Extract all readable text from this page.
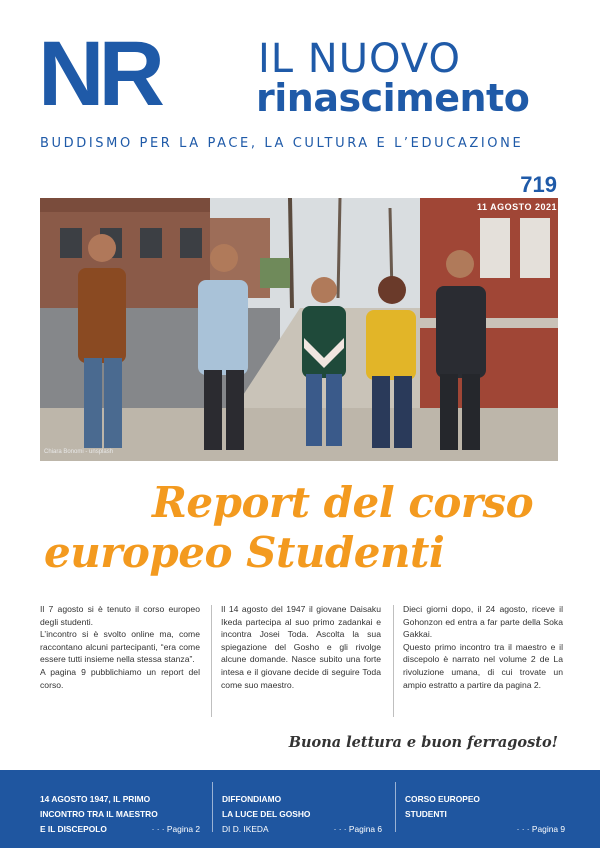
NR IL NUOVO
rinascimento
BUDDISMO PER LA PACE, LA CULTURA E L’EDUCAZIONE
719
11 AGOSTO 2021
Chiara Bonomi - unsplash
Report del corso
europeo Studenti

Il 7 agosto si è tenuto il corso europeo degli studenti.

L’incontro si è svolto online ma, come raccontano alcuni partecipanti, “era come essere tutti insieme nella stessa stanza”.

A pagina 9 pubblichiamo un report del corso.

Il 14 agosto del 1947 il giovane Daisaku Ikeda partecipa al suo primo zadankai e incontra Josei Toda. Ascolta la sua spiegazione del Gosho e gli rivolge alcune domande. Nasce subito una forte intesa e il giovane decide di seguire Toda come suo maestro.

Dieci giorni dopo, il 24 agosto, riceve il Gohonzon ed entra a far parte della Soka Gakkai.

Questo primo incontro tra il maestro e il discepolo è narrato nel volume 2 de La rivoluzione umana, di cui trovate un ampio estratto a partire da pagina 2.

Buona lettura e buon ferragosto!
14 AGOSTO 1947, IL PRIMO
INCONTRO TRA IL MAESTRO
E IL DISCEPOLO	· · · Pagina 2
DIFFONDIAMO
LA LUCE DEL GOSHO
DI D. IKEDA	· · · Pagina 6
CORSO EUROPEO
STUDENTI
· · · Pagina 9
